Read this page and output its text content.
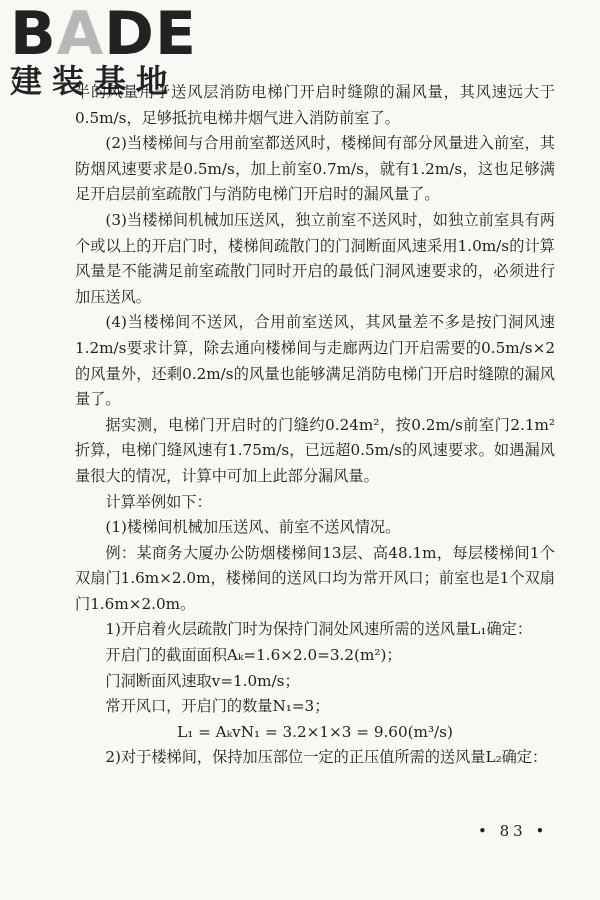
BADE
建装基地

半的风量用于送风层消防电梯门开启时缝隙的漏风量，其风速远大于0.5m/s，足够抵抗电梯井烟气进入消防前室了。

(2)当楼梯间与合用前室都送风时，楼梯间有部分风量进入前室，其防烟风速要求是0.5m/s，加上前室0.7m/s，就有1.2m/s，这也足够满足开启层前室疏散门与消防电梯门开启时的漏风量了。

(3)当楼梯间机械加压送风，独立前室不送风时，如独立前室具有两个或以上的开启门时，楼梯间疏散门的门洞断面风速采用1.0m/s的计算风量是不能满足前室疏散门同时开启的最低门洞风速要求的，必须进行加压送风。

(4)当楼梯间不送风，合用前室送风，其风量差不多是按门洞风速1.2m/s要求计算，除去通向楼梯间与走廊两边门开启需要的0.5m/s×2的风量外，还剩0.2m/s的风量也能够满足消防电梯门开启时缝隙的漏风量了。

据实测，电梯门开启时的门缝约0.24m²，按0.2m/s前室门2.1m²折算，电梯门缝风速有1.75m/s，已远超0.5m/s的风速要求。如遇漏风量很大的情况，计算中可加上此部分漏风量。

计算举例如下：

(1)楼梯间机械加压送风、前室不送风情况。

例：某商务大厦办公防烟楼梯间13层、高48.1m，每层楼梯间1个双扇门1.6m×2.0m，楼梯间的送风口均为常开风口；前室也是1个双扇门1.6m×2.0m。

1)开启着火层疏散门时为保持门洞处风速所需的送风量L₁确定：

开启门的截面面积Aₖ=1.6×2.0=3.2(m²)；

门洞断面风速取v=1.0m/s；

常开风口，开启门的数量N₁=3；

L₁ = AₖvN₁ = 3.2×1×3 = 9.60(m³/s)

2)对于楼梯间，保持加压部位一定的正压值所需的送风量L₂确定：

• 83 •
